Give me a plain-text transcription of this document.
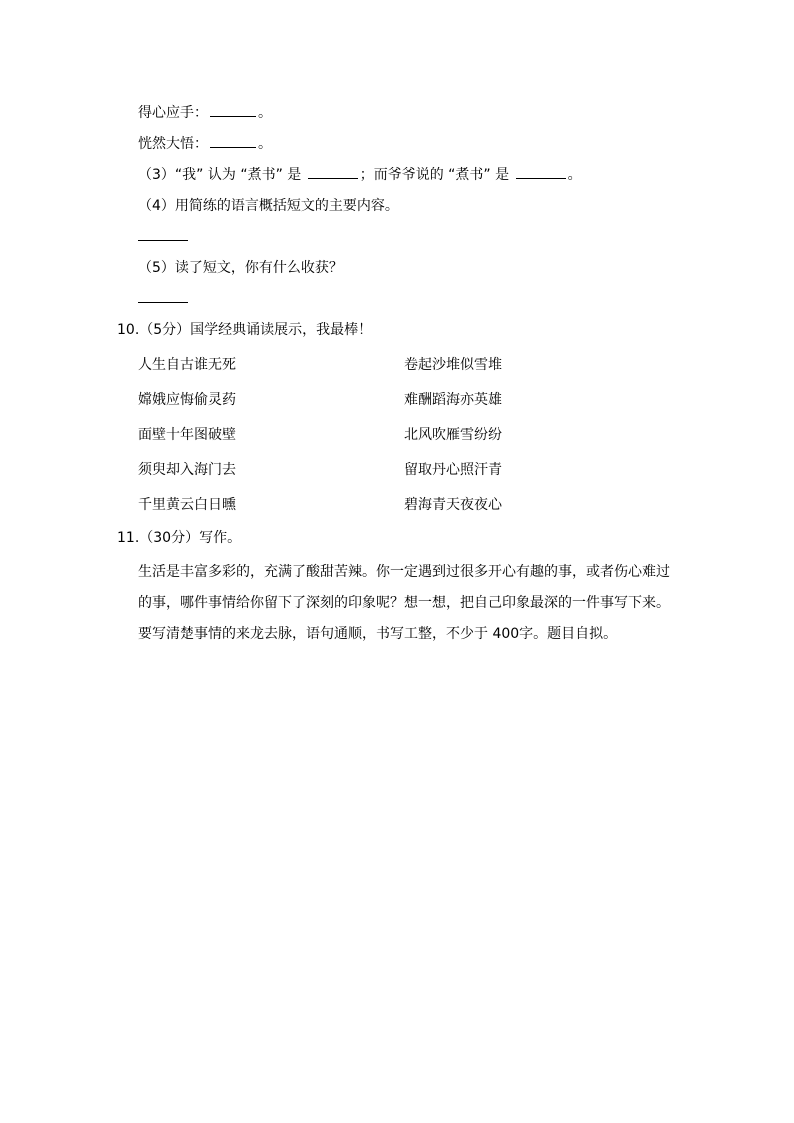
得心应手：	。
恍然大悟：	。
（3）“我” 认为 “煮书” 是	；而爷爷说的 “煮书” 是	。
（4）用简练的语言概括短文的主要内容。
（5）读了短文，你有什么收获？
10.（5分）国学经典诵读展示，我最棒！
人生自古谁无死	卷起沙堆似雪堆
嫦娥应悔偷灵药	难酬蹈海亦英雄
面壁十年图破壁	北风吹雁雪纷纷
须臾却入海门去	留取丹心照汗青
千里黄云白日曛	碧海青天夜夜心
11.（30分）写作。
生活是丰富多彩的，充满了酸甜苦辣。你一定遇到过很多开心有趣的事，或者伤心难过
的事，哪件事情给你留下了深刻的印象呢？想一想，把自己印象最深的一件事写下来。
要写清楚事情的来龙去脉，语句通顺，书写工整，不少于 400字。题目自拟。
